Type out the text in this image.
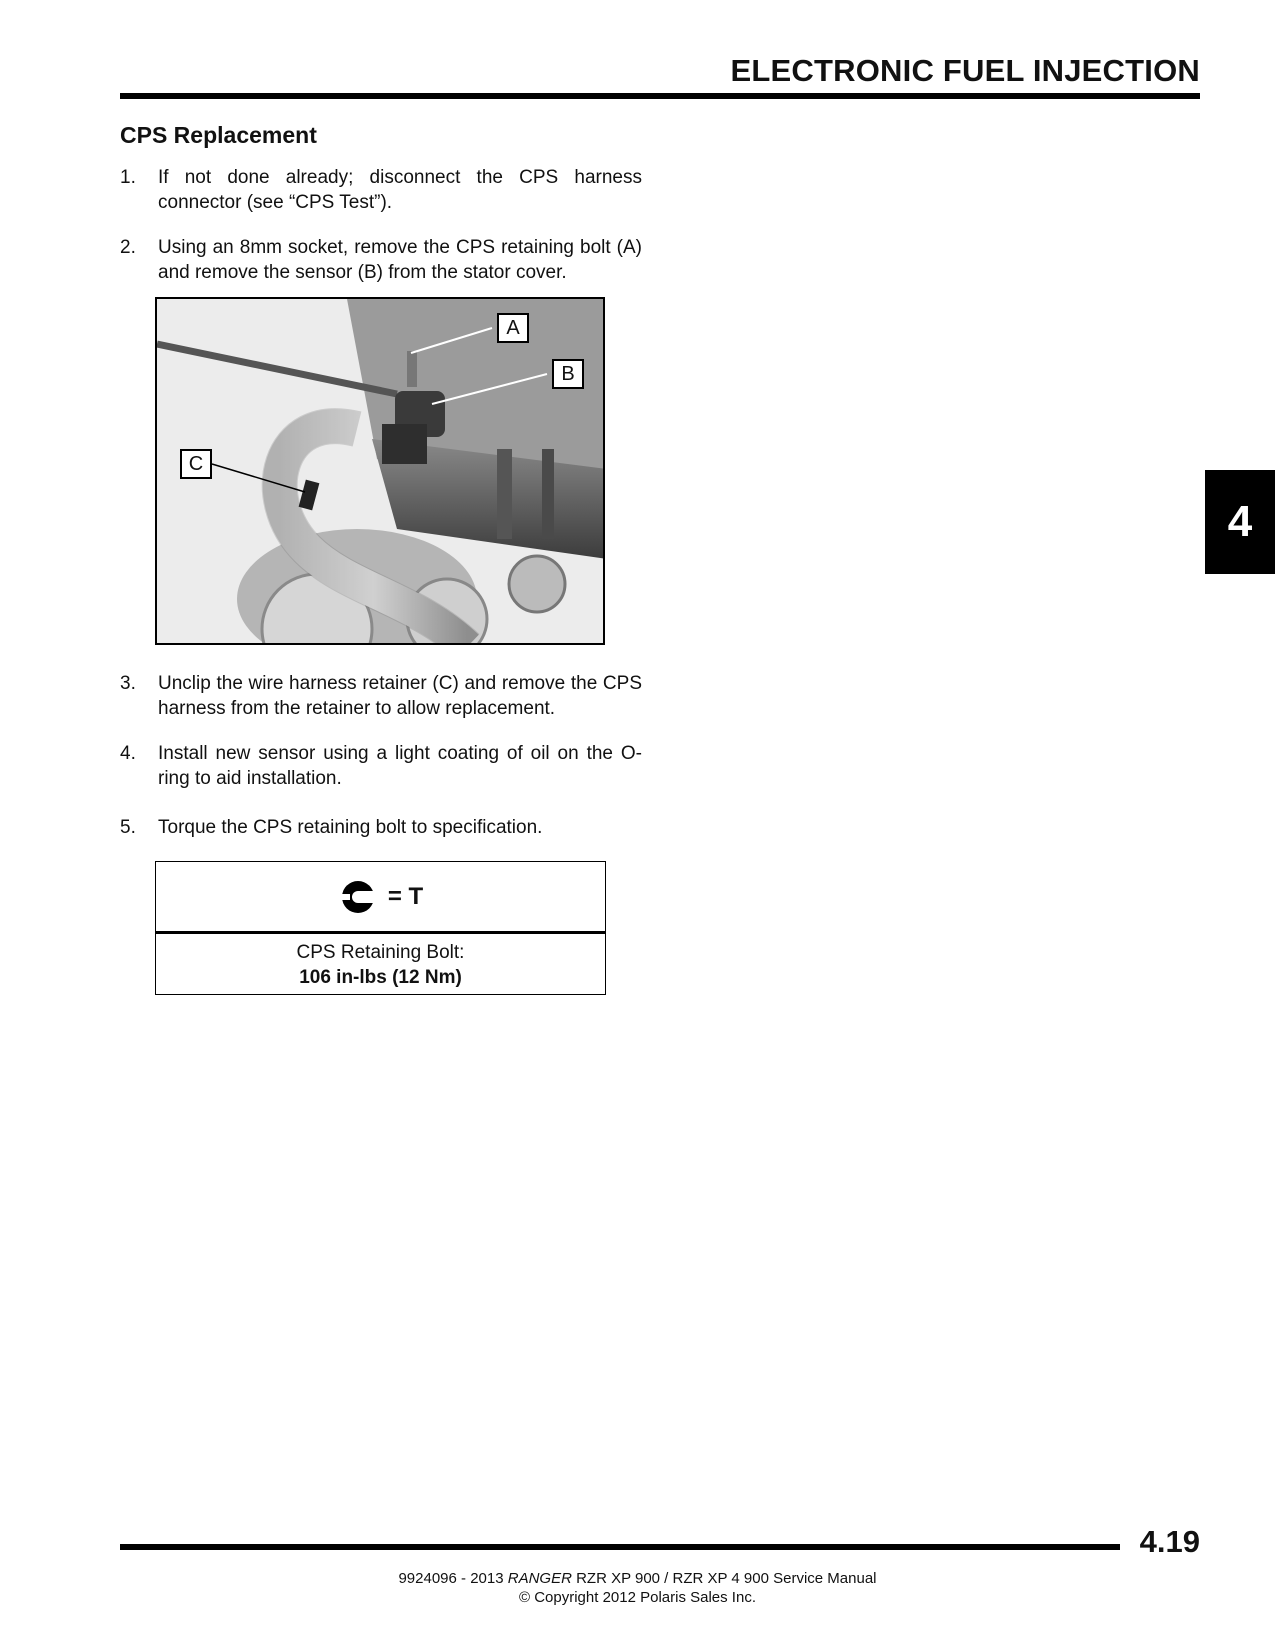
ELECTRONIC FUEL INJECTION
CPS Replacement
1. If not done already; disconnect the CPS harness connector (see “CPS Test”).
2. Using an 8mm socket, remove the CPS retaining bolt (A) and remove the sensor (B) from the stator cover.
A
B
C
3. Unclip the wire harness retainer (C) and remove the CPS harness from the retainer to allow replacement.
4. Install new sensor using a light coating of oil on the O-ring to aid installation.
5. Torque the CPS retaining bolt to specification.
= T
CPS Retaining Bolt:
106 in-lbs (12 Nm)
4
4.19
9924096 - 2013 RANGER RZR XP 900 / RZR XP 4 900 Service Manual
© Copyright 2012 Polaris Sales Inc.
